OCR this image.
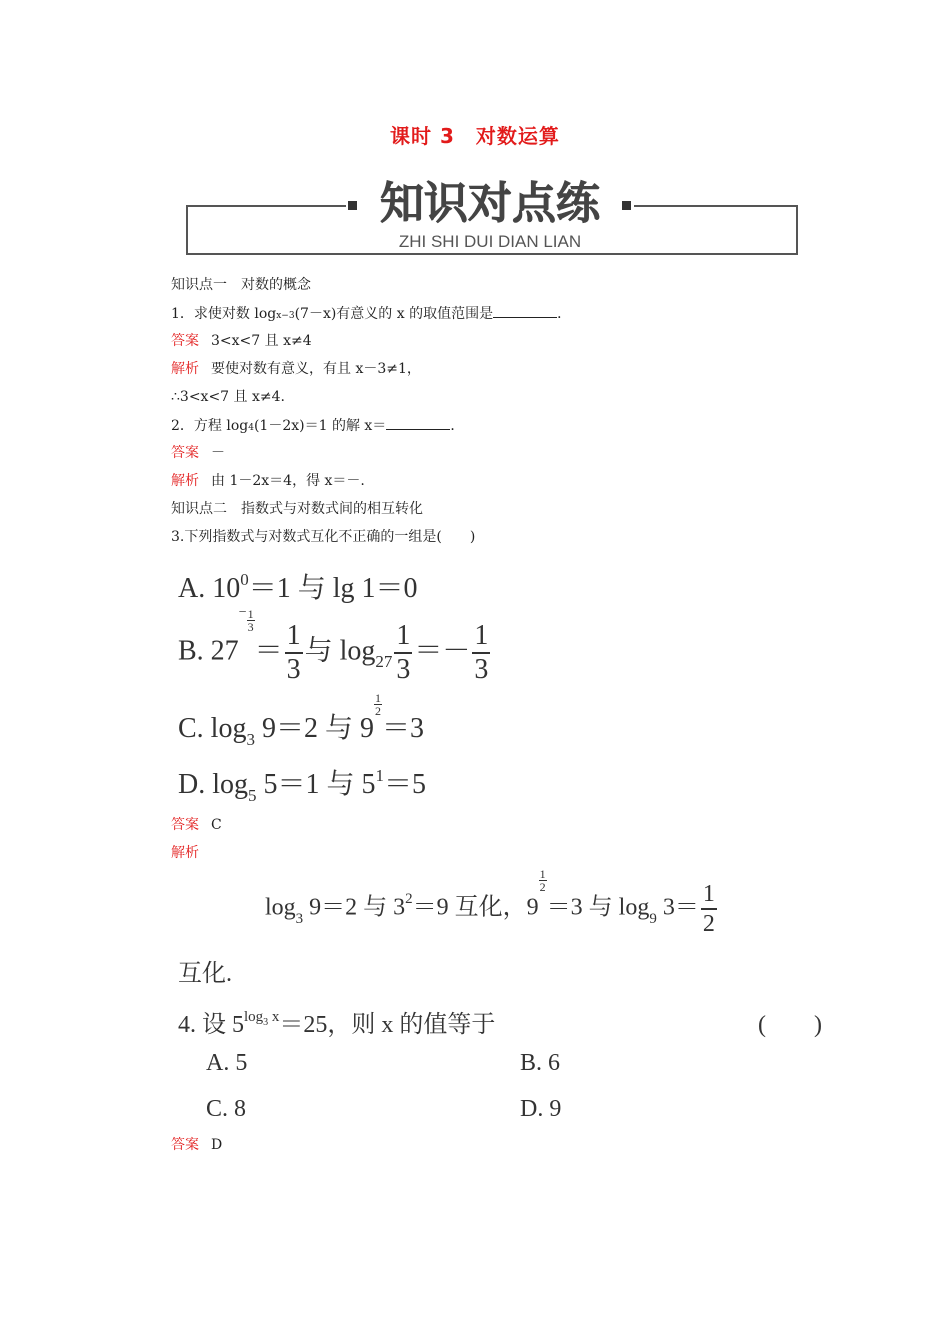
课时 3　对数运算
知识对点练
ZHI SHI DUI DIAN LIAN
知识点一　对数的概念
1．求使对数 logx−3(7－x)有意义的 x 的取值范围是	．
答案 3<x<7 且 x≠4
解析 要使对数有意义，有且 x－3≠1，
∴3<x<7 且 x≠4.
2．方程 log4(1－2x)＝1 的解 x＝	．
答案 －
解析 由 1－2x＝4，得 x＝－.
知识点二　指数式与对数式间的相互转化
3.下列指数式与对数式互化不正确的一组是(　　)
A. $10^0=1$ 与 lg 1＝0
B. $27- \frac{1}{3}$
＝ $\frac{1}{3}$ 与 $\log_{27} \frac{1}{3} =- \frac{1}{3}$
C. $\log_3 9=2$ 与 9
$\frac{1}{2}$
＝3
D. $\log_5 5=1$ 与 $5^1=5$
答案 C
解析
$\log_3 9=2$ 与 $3^2=9$ 互化，9
$\frac{1}{2}$
＝3 与 $\log_9 3= \frac{1}{2}$
互化.
4. 设 $5^{log_3 x}=25$，则 x 的值等于	(　　)
A. 5	B. 6
C. 8	D. 9
答案 D
